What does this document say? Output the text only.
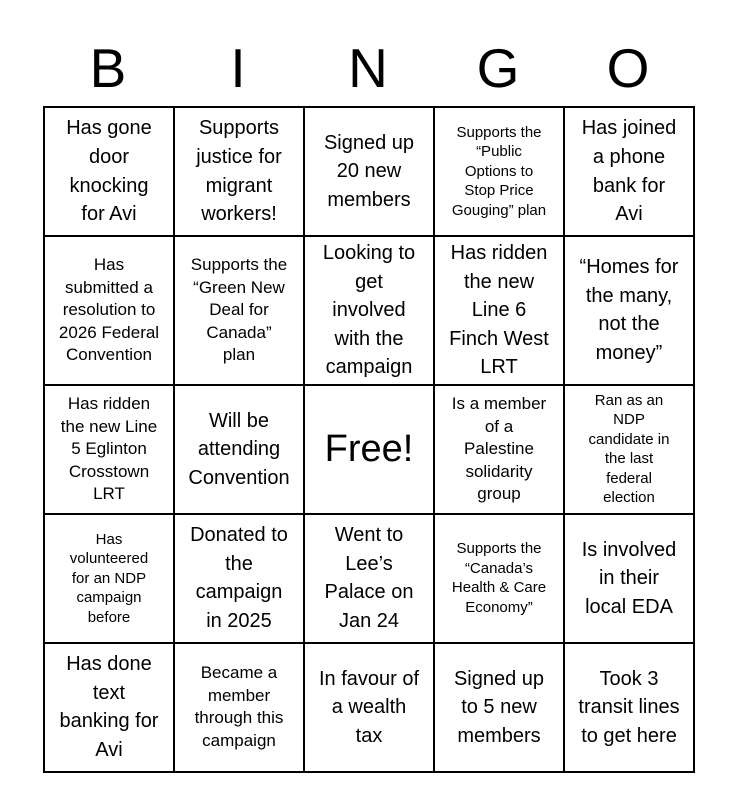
B	I	N	G	O
Has gone door knocking for Avi	Supports justice for migrant workers!	Signed up 20 new members	Supports the “Public Options to Stop Price Gouging” plan	Has joined a phone bank for Avi
Has submitted a resolution to 2026 Federal Convention	Supports the “Green New Deal for Canada” plan	Looking to get involved with the campaign	Has ridden the new Line 6 Finch West LRT	“Homes for the many, not the money”
Has ridden the new Line 5 Eglinton Crosstown LRT	Will be attending Convention	Free!	Is a member of a Palestine solidarity group	Ran as an NDP candidate in the last federal election
Has volunteered for an NDP campaign before	Donated to the campaign in 2025	Went to Lee’s Palace on Jan 24	Supports the “Canada’s Health & Care Economy”	Is involved in their local EDA
Has done text banking for Avi	Became a member through this campaign	In favour of a wealth tax	Signed up to 5 new members	Took 3 transit lines to get here
